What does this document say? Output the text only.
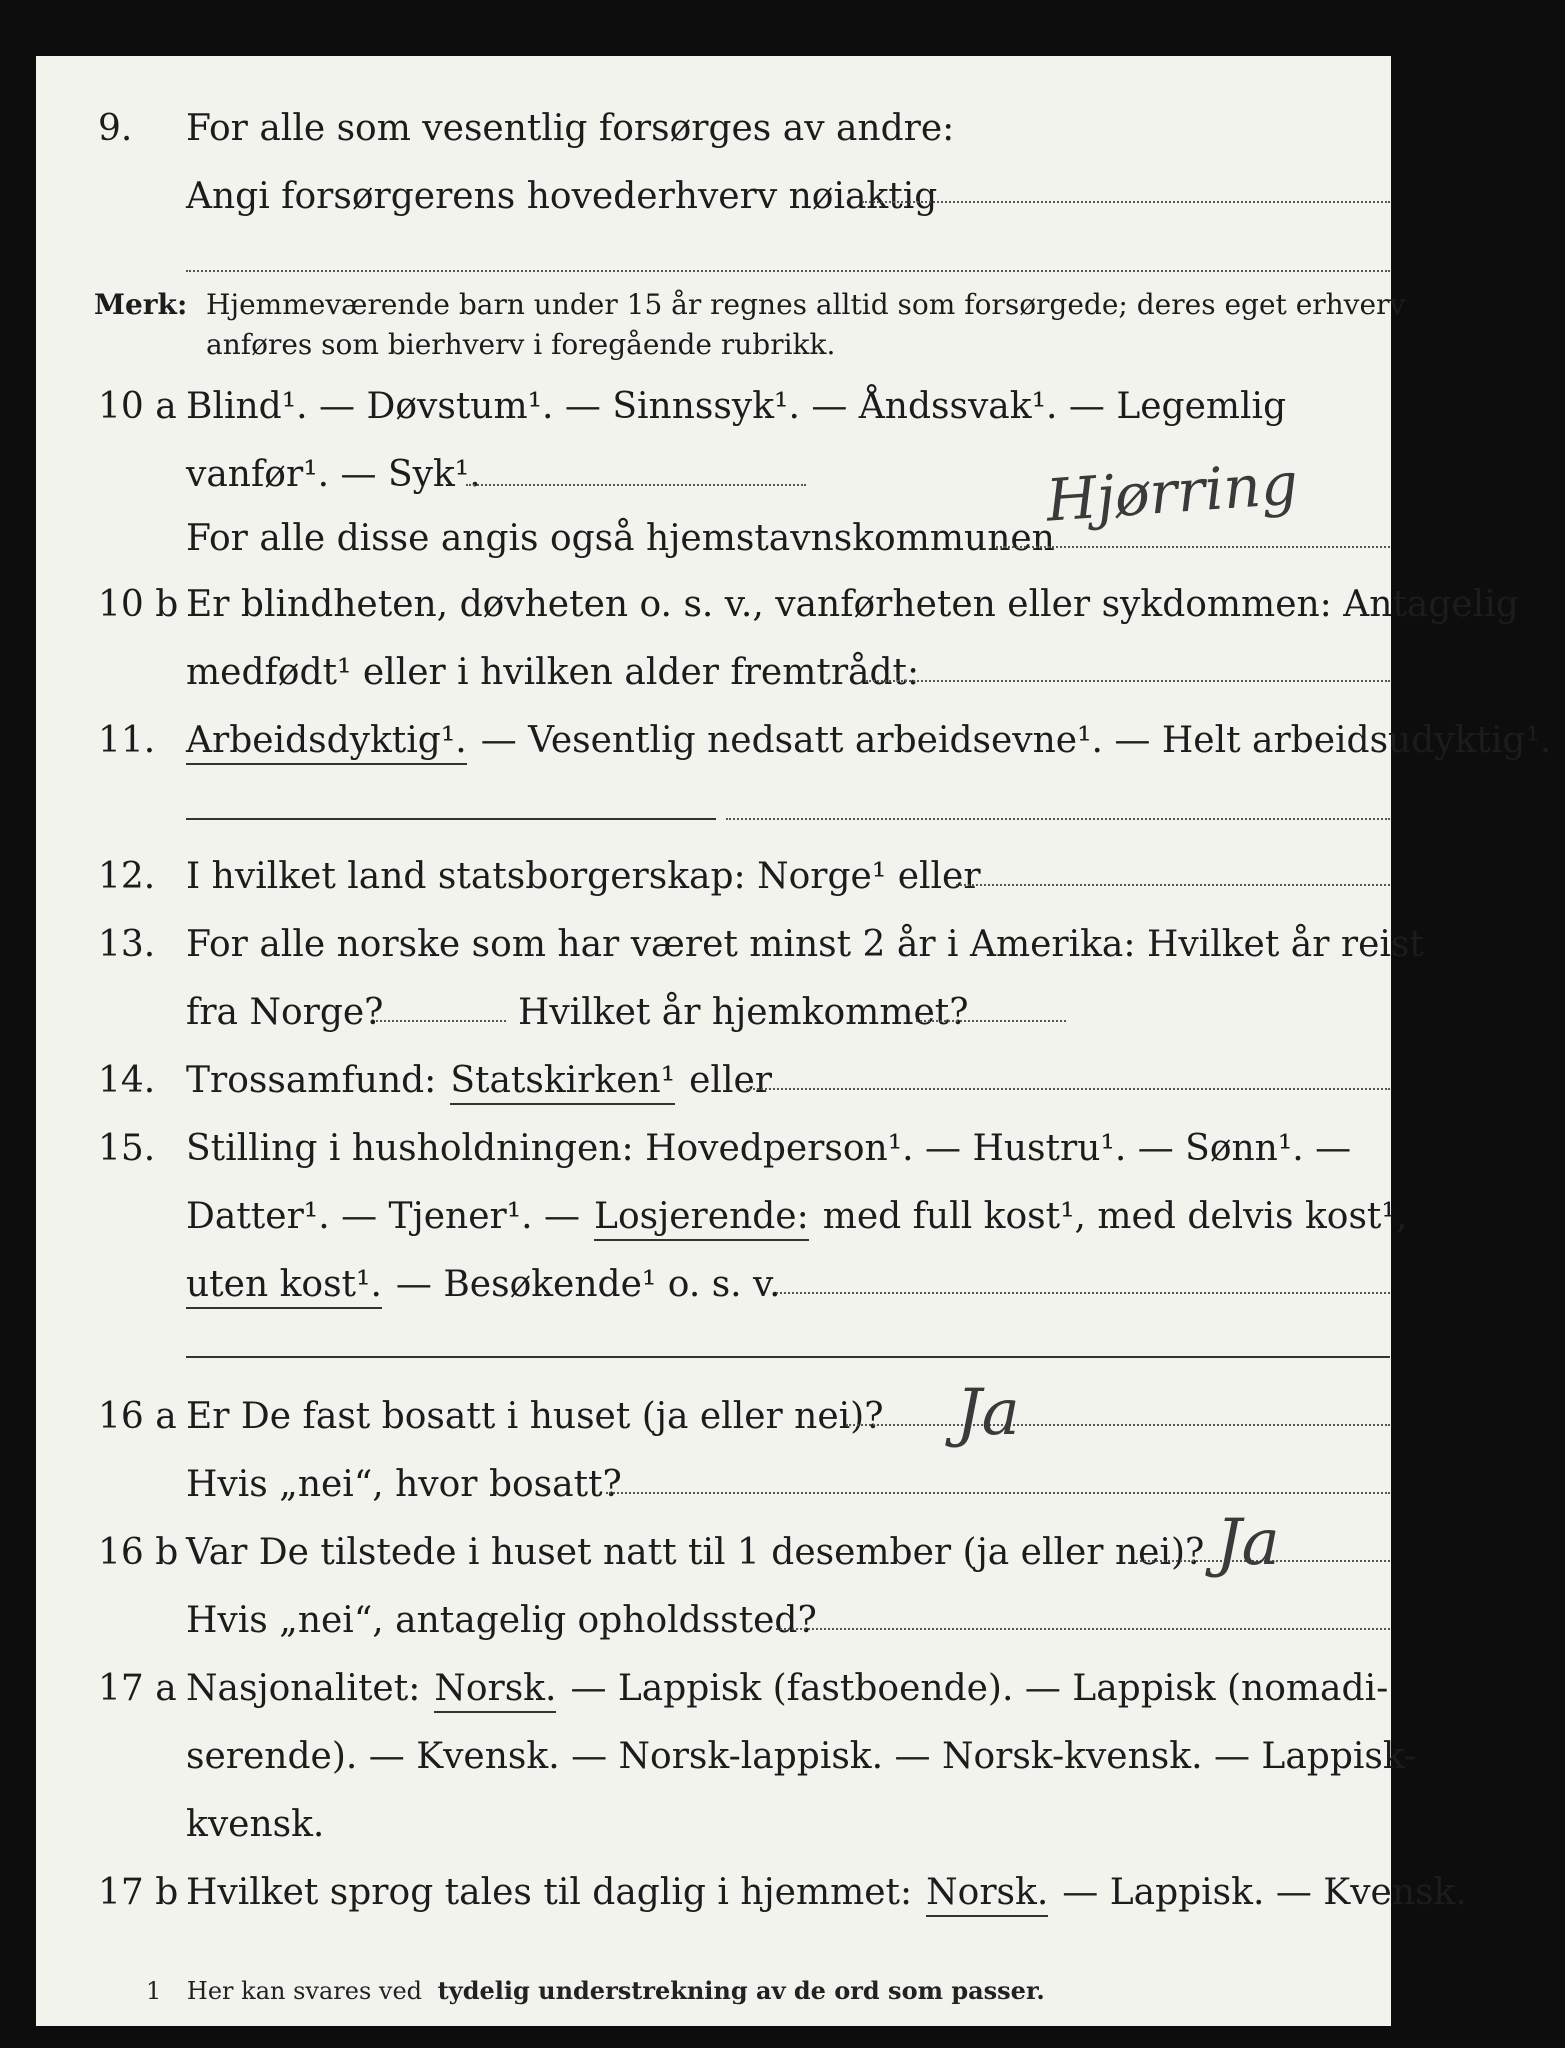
9. For alle som vesentlig forsørges av andre:
Angi forsørgerens hovederhverv nøiaktig
Merk: Hjemmeværende barn under 15 år regnes alltid som forsørgede; deres eget erhverv
anføres som bierhverv i foregående rubrikk.
10 a Blind¹. — Døvstum¹. — Sinnssyk¹. — Åndssvak¹. — Legemlig
vanfør¹. — Syk¹.
For alle disse angis også hjemstavnskommunen
Hjørring
10 b Er blindheten, døvheten o. s. v., vanførheten eller sykdommen: Antagelig
medfødt¹ eller i hvilken alder fremtrådt:
11. Arbeidsdyktig¹. — Vesentlig nedsatt arbeidsevne¹. — Helt arbeidsudyktig¹.
12. I hvilket land statsborgerskap: Norge¹ eller
13. For alle norske som har været minst 2 år i Amerika: Hvilket år reist
fra Norge?	Hvilket år hjemkommet?
14. Trossamfund: Statskirken¹ eller
15. Stilling i husholdningen: Hovedperson¹. — Hustru¹. — Sønn¹. —
Datter¹. — Tjener¹. — Losjerende: med full kost¹, med delvis kost¹,
uten kost¹. — Besøkende¹ o. s. v.
16 a Er De fast bosatt i huset (ja eller nei)? Ja
Hvis „nei“, hvor bosatt?
16 b Var De tilstede i huset natt til 1 desember (ja eller nei)? Ja
Hvis „nei“, antagelig opholdssted?
17 a Nasjonalitet: Norsk. — Lappisk (fastboende). — Lappisk (nomadi-
serende). — Kvensk. — Norsk-lappisk. — Norsk-kvensk. — Lappisk-
kvensk.
17 b Hvilket sprog tales til daglig i hjemmet: Norsk. — Lappisk. — Kvensk.
1 Her kan svares ved tydelig understrekning av de ord som passer.
